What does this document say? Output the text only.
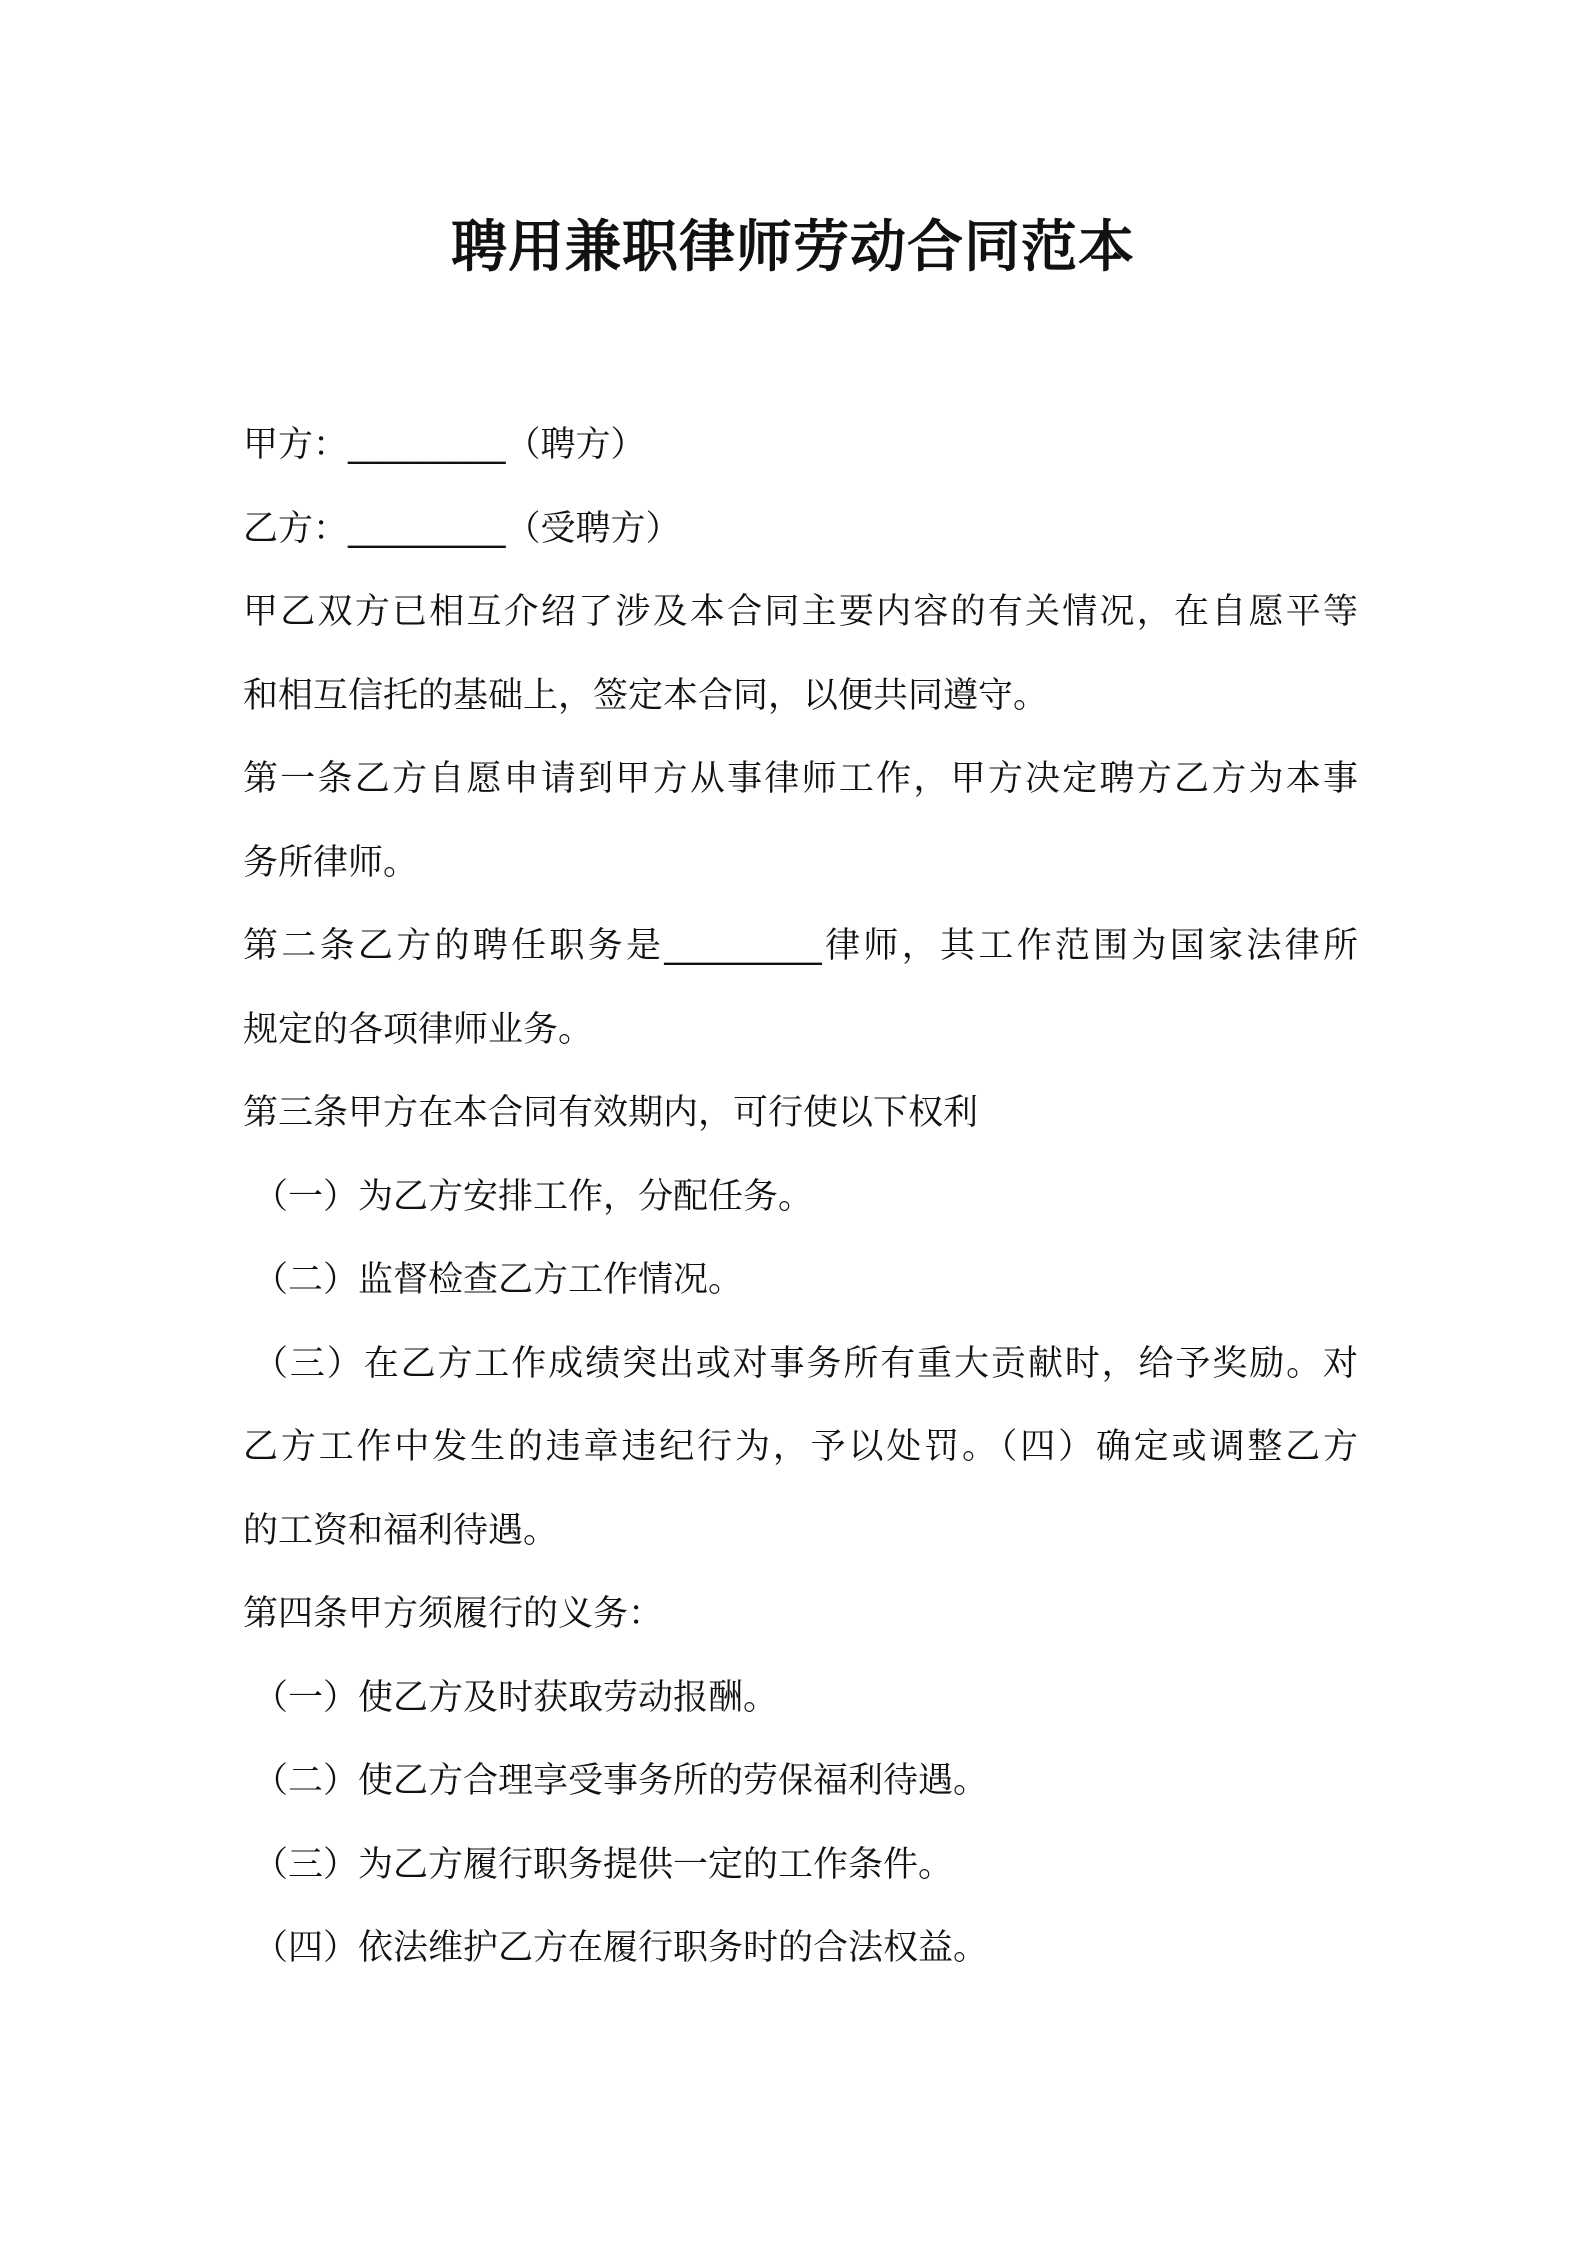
聘用兼职律师劳动合同范本

甲方：_________（聘方）

乙方：_________（受聘方）

甲乙双方已相互介绍了涉及本合同主要内容的有关情况，在自愿平等

和相互信托的基础上，签定本合同，以便共同遵守。

第一条乙方自愿申请到甲方从事律师工作，甲方决定聘方乙方为本事

务所律师。

第二条乙方的聘任职务是_________律师，其工作范围为国家法律所

规定的各项律师业务。

第三条甲方在本合同有效期内，可行使以下权利

（一）为乙方安排工作，分配任务。

（二）监督检查乙方工作情况。

（三）在乙方工作成绩突出或对事务所有重大贡献时，给予奖励。对

乙方工作中发生的违章违纪行为，予以处罚。（四）确定或调整乙方

的工资和福利待遇。

第四条甲方须履行的义务：

（一）使乙方及时获取劳动报酬。

（二）使乙方合理享受事务所的劳保福利待遇。

（三）为乙方履行职务提供一定的工作条件。

（四）依法维护乙方在履行职务时的合法权益。
